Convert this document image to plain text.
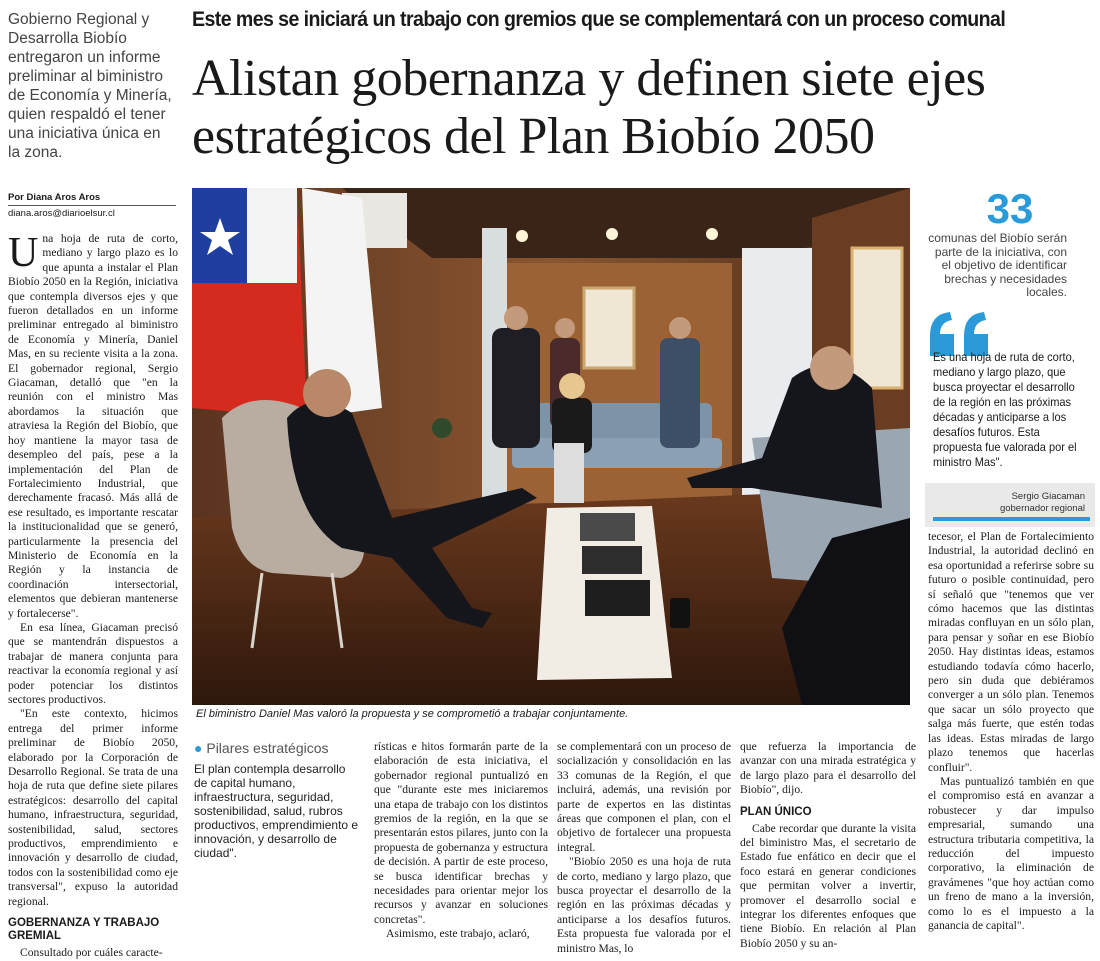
Gobierno Regional y Desarrolla Biobío entregaron un informe preliminar al biministro de Economía y Minería, quien respaldó el tener una iniciativa única en la zona.
Por Diana Aros Aros
diana.aros@diarioelsur.cl

Una hoja de ruta de corto, mediano y largo plazo es lo que apunta a instalar el Plan Biobío 2050 en la Región, iniciativa que contempla diversos ejes y que fueron detallados en un informe preliminar entregado al biministro de Economía y Minería, Daniel Mas, en su reciente visita a la zona. El gobernador regional, Sergio Giacaman, detalló que "en la reunión con el ministro Mas abordamos la situación que atraviesa la Región del Biobío, que hoy mantiene la mayor tasa de desempleo del país, pese a la implementación del Plan de Fortalecimiento Industrial, que derechamente fracasó. Más allá de ese resultado, es importante rescatar la institucionalidad que se generó, particularmente la presencia del Ministerio de Economía en la Región y la instancia de coordinación intersectorial, elementos que debieran mantenerse y fortalecerse".

En esa línea, Giacaman precisó que se mantendrán dispuestos a trabajar de manera conjunta para reactivar la economía regional y así poder potenciar los distintos sectores productivos.

"En este contexto, hicimos entrega del primer informe preliminar de Biobío 2050, elaborado por la Corporación de Desarrollo Regional. Se trata de una hoja de ruta que define siete pilares estratégicos: desarrollo del capital humano, infraestructura, seguridad, sostenibilidad, salud, sectores productivos, emprendimiento e innovación y desarrollo de ciudad, todos con la sostenibilidad como eje transversal", expuso la autoridad regional.

GOBERNANZA Y TRABAJO GREMIAL

Consultado por cuáles caracte-

Este mes se iniciará un trabajo con gremios que se complementará con un proceso comunal
Alistan gobernanza y definen siete ejes estratégicos del Plan Biobío 2050
El biministro Daniel Mas valoró la propuesta y se comprometió a trabajar conjuntamente.
33
comunas del Biobío serán parte de la iniciativa, con el objetivo de identificar brechas y necesidades locales.
Es una hoja de ruta de corto, mediano y largo plazo, que busca proyectar el desarrollo de la región en las próximas décadas y anticiparse a los desafíos futuros. Esta propuesta fue valorada por el ministro Mas".
Sergio Giacaman
gobernador regional
● Pilares estratégicos
El plan contempla desarrollo de capital humano, infraestructura, seguridad, sostenibilidad, salud, rubros productivos, emprendimiento e innovación, y desarrollo de ciudad".

rísticas e hitos formarán parte de la elaboración de esta iniciativa, el gobernador regional puntualizó en que "durante este mes iniciaremos una etapa de trabajo con los distintos gremios de la región, en la que se presentarán estos pilares, junto con la propuesta de gobernanza y estructura de decisión. A partir de este proceso, se busca identificar brechas y necesidades para orientar mejor los recursos y avanzar en soluciones concretas".

Asimismo, este trabajo, aclaró,

se complementará con un proceso de socialización y consolidación en las 33 comunas de la Región, el que incluirá, además, una revisión por parte de expertos en las distintas áreas que componen el plan, con el objetivo de fortalecer una propuesta integral.

"Biobío 2050 es una hoja de ruta de corto, mediano y largo plazo, que busca proyectar el desarrollo de la región en las próximas décadas y anticiparse a los desafíos futuros. Esta propuesta fue valorada por el ministro Mas, lo

que refuerza la importancia de avanzar con una mirada estratégica y de largo plazo para el desarrollo del Biobío", dijo.

PLAN ÚNICO

Cabe recordar que durante la visita del biministro Mas, el secretario de Estado fue enfático en decir que el foco estará en generar condiciones que permitan volver a invertir, promover el desarrollo social e integrar los diferentes enfoques que tiene Biobío. En relación al Plan Biobío 2050 y su an-

tecesor, el Plan de Fortalecimiento Industrial, la autoridad declinó en esa oportunidad a referirse sobre su futuro o posible continuidad, pero sí señaló que "tenemos que ver cómo hacemos que las distintas miradas confluyan en un sólo plan, para pensar y soñar en ese Biobío 2050. Hay distintas ideas, estamos estudiando todavía cómo hacerlo, pero sin duda que debiéramos converger a un sólo plan. Tenemos que sacar un sólo proyecto que salga más fuerte, que estén todas las ideas. Estas miradas de largo plazo tenemos que hacerlas confluir".

Mas puntualizó también en que el compromiso está en avanzar a robustecer y dar impulso empresarial, sumando una estructura tributaria competitiva, la reducción del impuesto corporativo, la eliminación de gravámenes "que hoy actúan como un freno de mano a la inversión, como lo es el impuesto a la ganancia de capital".
